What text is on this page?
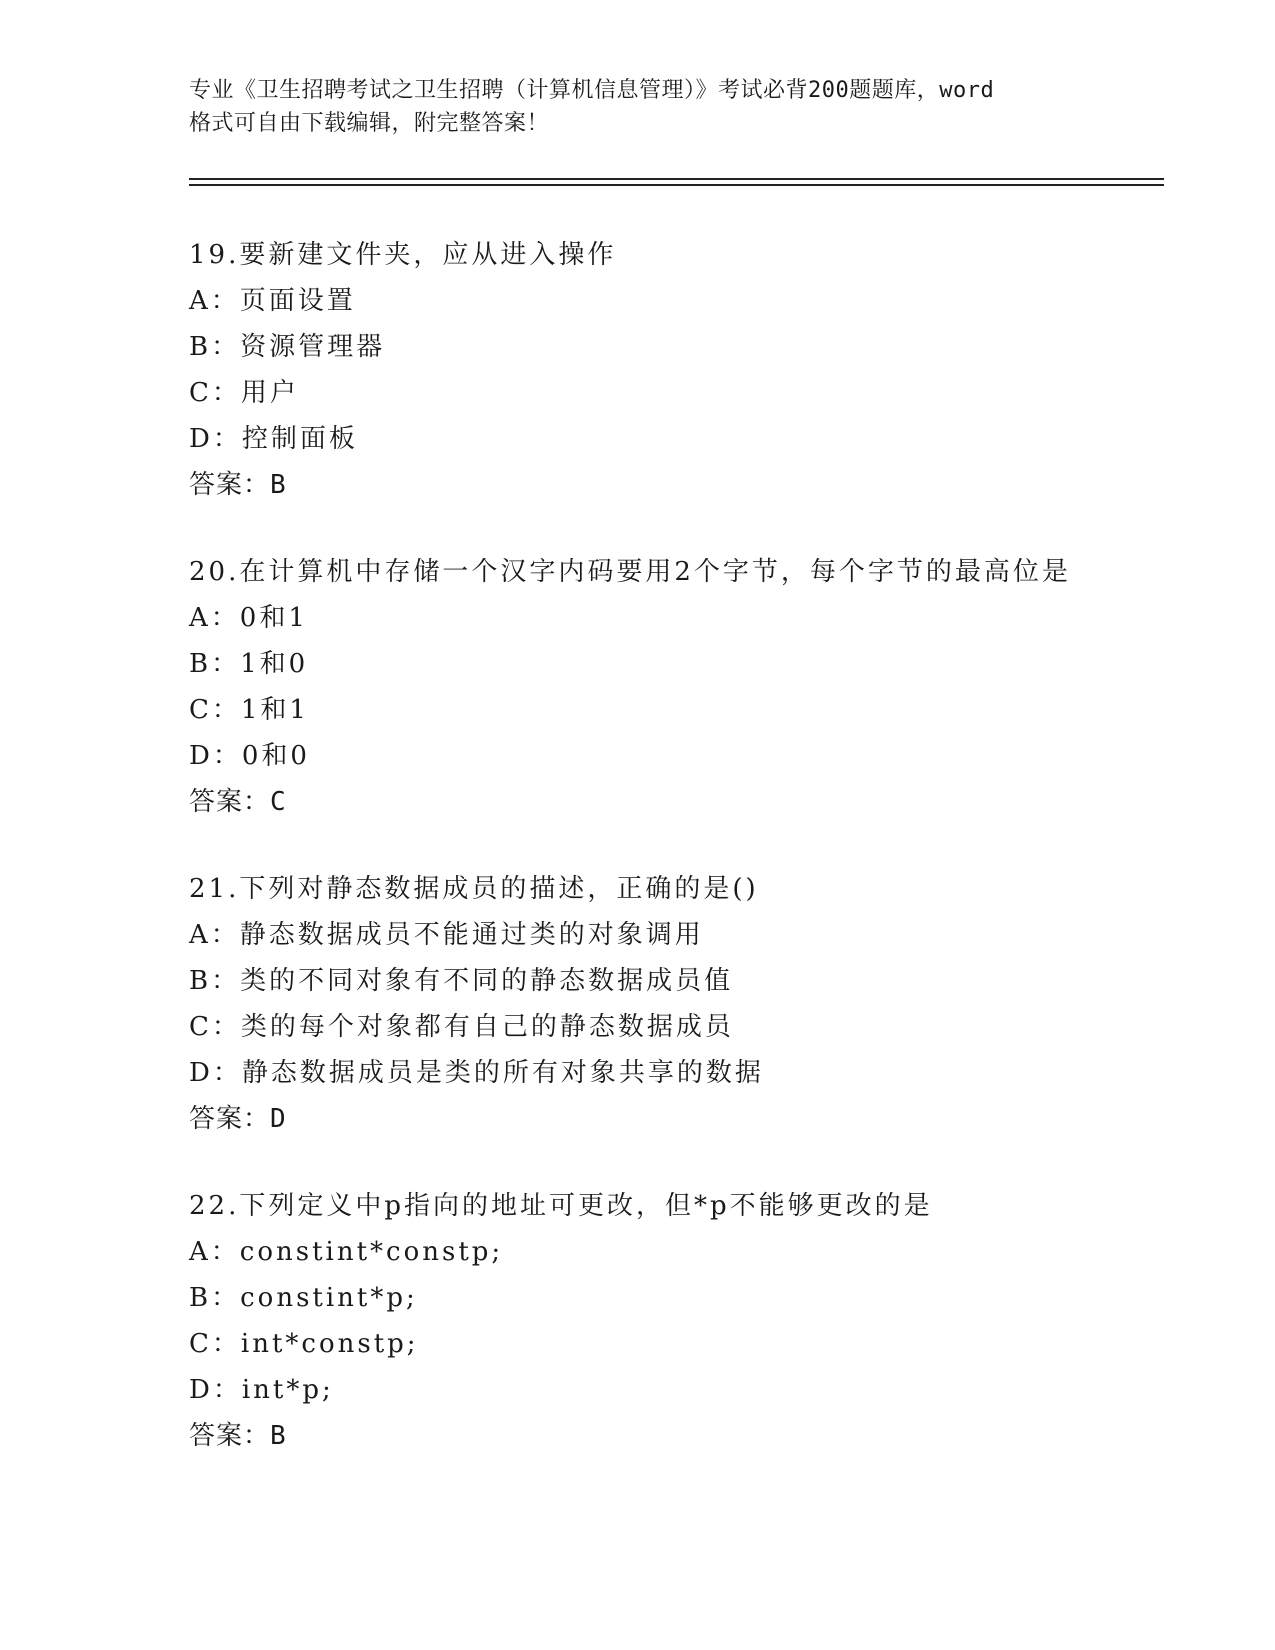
专业《卫生招聘考试之卫生招聘（计算机信息管理）》考试必背200题题库，word
格式可自由下载编辑，附完整答案！
19.要新建文件夹，应从进入操作
A：页面设置
B：资源管理器
C：用户
D：控制面板
答案：B
20.在计算机中存储一个汉字内码要用2个字节，每个字节的最高位是
A：0和1
B：1和0
C：1和1
D：0和0
答案：C
21.下列对静态数据成员的描述，正确的是()
A：静态数据成员不能通过类的对象调用
B：类的不同对象有不同的静态数据成员值
C：类的每个对象都有自己的静态数据成员
D：静态数据成员是类的所有对象共享的数据
答案：D
22.下列定义中p指向的地址可更改，但*p不能够更改的是
A：constint*constp;
B：constint*p;
C：int*constp;
D：int*p;
答案：B
